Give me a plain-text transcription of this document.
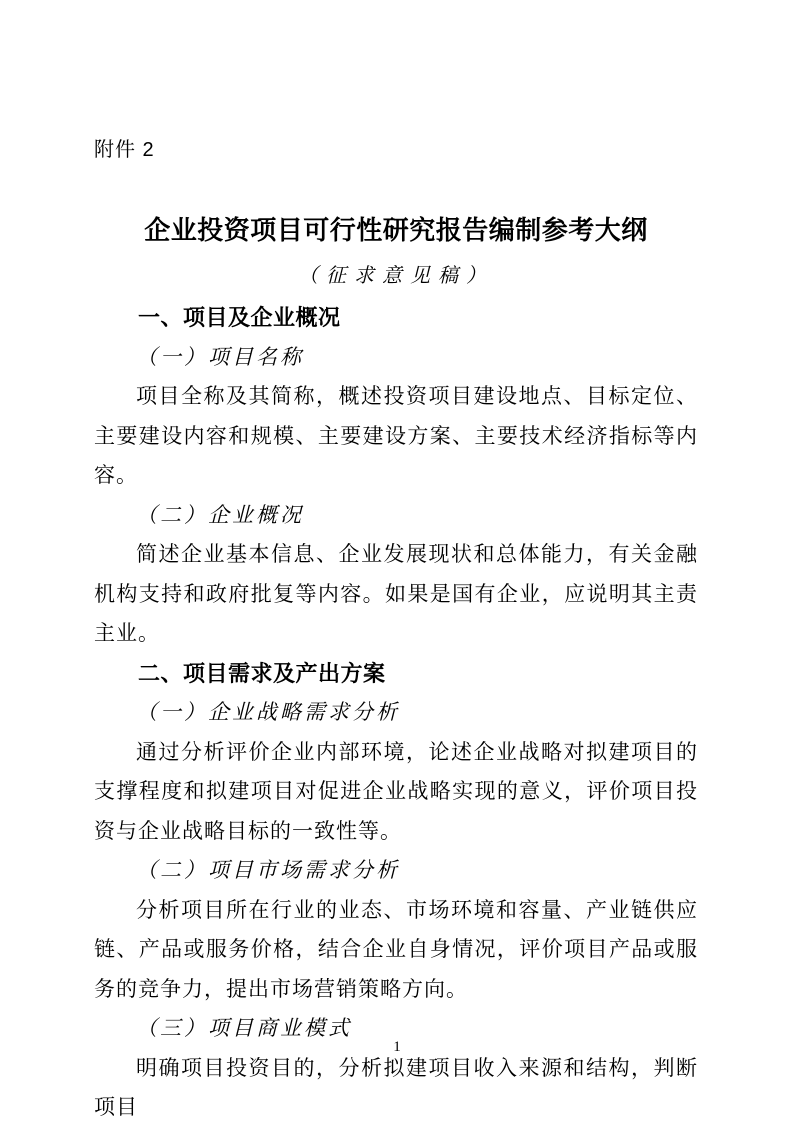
附件 2
企业投资项目可行性研究报告编制参考大纲
（征求意见稿）
一、项目及企业概况
（一）项目名称

项目全称及其简称，概述投资项目建设地点、目标定位、主要建设内容和规模、主要建设方案、主要技术经济指标等内容。

（二）企业概况

简述企业基本信息、企业发展现状和总体能力，有关金融机构支持和政府批复等内容。如果是国有企业，应说明其主责主业。

二、项目需求及产出方案
（一）企业战略需求分析

通过分析评价企业内部环境，论述企业战略对拟建项目的支撑程度和拟建项目对促进企业战略实现的意义，评价项目投资与企业战略目标的一致性等。

（二）项目市场需求分析

分析项目所在行业的业态、市场环境和容量、产业链供应链、产品或服务价格，结合企业自身情况，评价项目产品或服务的竞争力，提出市场营销策略方向。

（三）项目商业模式

明确项目投资目的，分析拟建项目收入来源和结构，判断项目

1
